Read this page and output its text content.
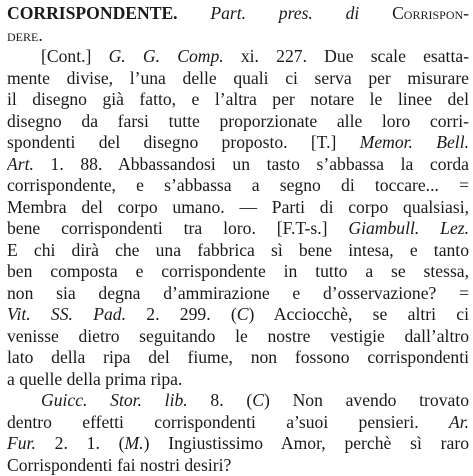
CORRISPONDENTE. Part. pres. di Corrispon-
dere.
[Cont.] G. G. Comp. xi. 227. Due scale esatta-
mente divise, l’una delle quali ci serva per misurare
il disegno già fatto, e l’altra per notare le linee del
disegno da farsi tutte proporzionate alle loro corri-
spondenti del disegno proposto. [T.] Memor. Bell.
Art. 1. 88. Abbassandosi un tasto s’abbassa la corda
corrispondente, e s’abbassa a segno di toccare... =
Membra del corpo umano. — Parti di corpo qualsiasi,
bene corrispondenti tra loro. [F.T-s.] Giambull. Lez.
E chi dirà che una fabbrica sì bene intesa, e tanto
ben composta e corrispondente in tutto a se stessa,
non sia degna d’ammirazione e d’osservazione? =
Vit. SS. Pad. 2. 299. (C) Acciocchè, se altri ci
venisse dietro seguitando le nostre vestigie dall’altro
lato della ripa del fiume, non fossono corrispondenti
a quelle della prima ripa.
Guicc. Stor. lib. 8. (C) Non avendo trovato
dentro effetti corrispondenti a’suoi pensieri. Ar.
Fur. 2. 1. (M.) Ingiustissimo Amor, perchè sì raro
Corrispondenti fai nostri desiri?
